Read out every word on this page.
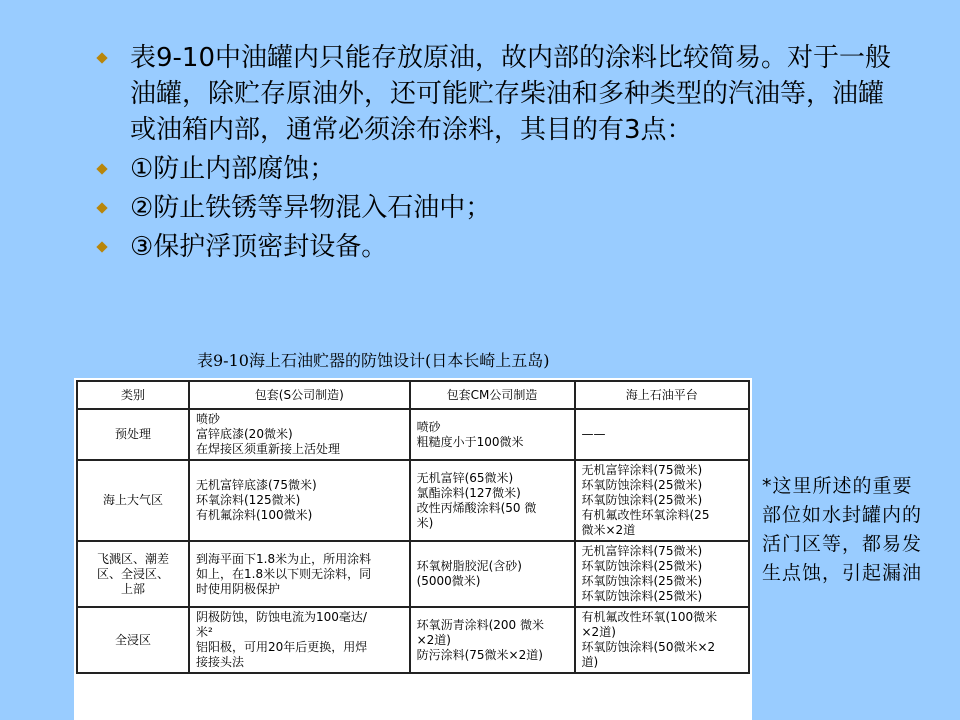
表9-10中油罐内只能存放原油，故内部的涂料比较简易。对于一般油罐，除贮存原油外，还可能贮存柴油和多种类型的汽油等，油罐或油箱内部，通常必须涂布涂料，其目的有3点：
①防止内部腐蚀；
②防止铁锈等异物混入石油中；
③保护浮顶密封设备。
表9-10海上石油贮器的防蚀设计(日本长崎上五岛)
类别	包套(S公司制造)	包套CM公司制造	海上石油平台
预处理	喷砂
富锌底漆(20微米)
在焊接区须重新接上活处理	喷砂
粗糙度小于100微米	——

海上大气区	无机富锌底漆(75微米)
环氧涂料(125微米)
有机氟涂料(100微米)	无机富锌(65微米)
氯酯涂料(127微米)
改性丙烯酸涂料(50 微
米)	无机富锌涂料(75微米)
环氧防蚀涂料(25微米)
环氧防蚀涂料(25微米)
有机氟改性环氧涂料(25
微米×2道

飞溅区、潮差
区、全浸区、
上部	到海平面下1.8米为止，所用涂料
如上，在1.8米以下则无涂料，同
时使用阴极保护	环氧树脂胶泥(含砂)
(5000微米)	无机富锌涂料(75微米)
环氧防蚀涂料(25微米)
环氧防蚀涂料(25微米)
环氧防蚀涂料(25微米)

全浸区	阴极防蚀，防蚀电流为100毫达/
米²
铝阳极，可用20年后更换，用焊
接接头法	环氧沥青涂料(200 微米
×2道)
防污涂料(75微米×2道)	有机氟改性环氧(100微米
×2道)
环氧防蚀涂料(50微米×2
道)
*这里所述的重要部位如水封罐内的活门区等，都易发生点蚀，引起漏油
